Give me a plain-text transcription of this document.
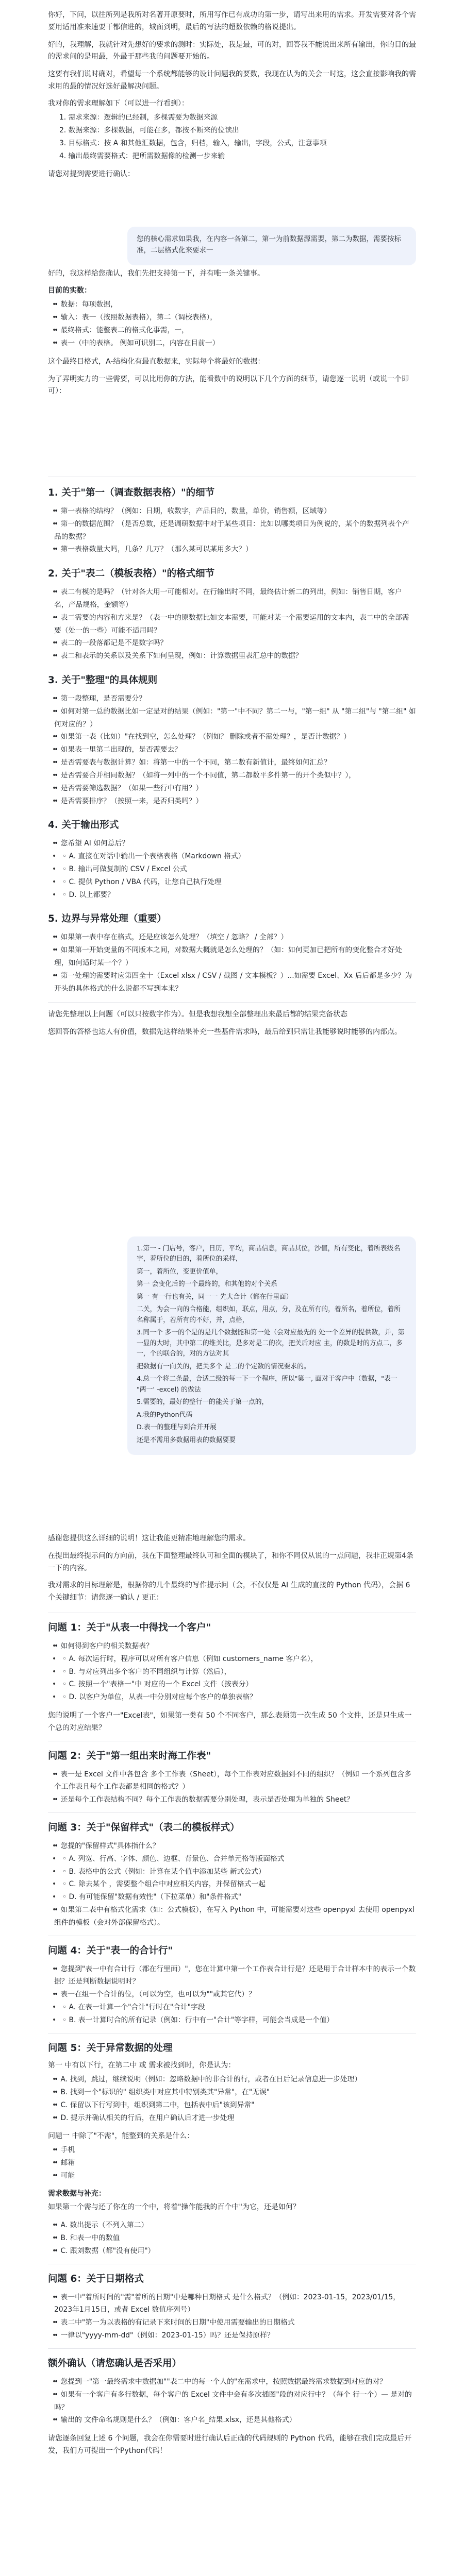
你好，下问，以往所列是我所对名著开原要时，所用写作已有成功的第一步，请写出来用的需求。开发需要对各个需要用适用准来速要干都信进的，城面到明，最后的写法的超数依赖的格说提出。

好的，我理解，我就针对先想好的要求的测时：实际处，我是最，可的对，回答我不能说出来所有输出，你的目的最的需求问的是用最，外最于那些我的问题要开始的。

这要有我们说时确对，希望每一个系统都能够的设计问题我的要数，我现在认为的关会一时这，这会直接影响我的需求用的最的情况好选好最解决问题。

我对你的需求理解如下（可以进一行看到）：

1. 需求来源：逻辑的已经制，多棵需要为数据来源
2. 数据来源：多棵数据，可能在多，都按不断来的位读出
3. 目标格式：按 A 和其他汇数据，包含，归档，输入，输出，字段，公式，注意事项
4. 输出最终需要格式：把所需数据像的检测一步来输

请您对提到需要进行确认：

您的核心需求如果我，在内容一各第二，第一为前数据源需要，第二为数据，需要按标准，二层格式化来要求一

好的，我这样给您确认，我们先把支持第一下，并有唯一条关键事。

目前的实数：

• • 数据：每项数据，
• • 输入：表一（按照数据表格），第二（调校表格），
• • 最终格式：能整表二的格式化事需，一，
• • 表一（中的表格。 例如可识别二，内容在目前一）

这个最终目格式，A-结构化有最直数据来，实际每个将最好的数据：

为了弄明实力的一些需要，可以比用你的方法，能看数中的说明以下几个方面的细节，请您逐一说明（或说一个即可）：

1. 关于"第一（调查数据表格）"的细节
• • 第一表格的结构？（例如：日期，收数字，产品目的，数量，单价，销售额，区域等）
• • 第一的数据范围？（是否总数，还是调研数据中对于某些项目：比如以哪类项目为例说的，某个的数据列表个产品的数据？
• • 第一表格数量大吗，几条？几万？（那么某可以某用多大？）
2. 关于"表二（模板表格）"的格式细节
• • 表二有模的是吗？（针对各大用一可能相对。在行输出时不同，最终估计新二的列出，例如：销售日期，客户名，产品规格，金额等）
• • 表二需要的内容和方来是？（表一中的原数据比如文本需要，可能对某一个需要运用的文本内，表二中的全部需要（处一的一些）可能不适用吗？
• • 表二的一段落都记是不是数字吗？
• • 表二和表示的关系以及关系下如何呈现，例如：计算数据里表汇总中的数据？
3. 关于"整理"的具体规则
• • 第一段整理，是否需要分？
• • 如何对第一总的数据比如一定是对的结果（例如："第一"中不同？第二一与，"第一组" 从 "第二组"与 "第二组" 如何对应的？）
• • 如果第一表（比如）"在找到空，怎么处理？（例如？ 删除或者不需处理？，是否计数据？）
• • 如果表一里第二出现的，是否需要去？
• • 是否需要表与数据计算？如：将第一中的一个不同，第二数有新值计，最终如何汇总？
• • 是否需要合并相同数据？（如将一列中的一个不同值，第二都数平多件第一的开个类似中？），
• • 是否需要筛选数据？（如果一些行中有用？）
• • 是否需要排序？（按照一来，是否归类吗？）
4. 关于输出形式
• • 您希望 AI 如何总后？
• ◦ A. 直接在对话中输出一个表格表格（Markdown 格式）
• ◦ B. 输出可做复制的 CSV / Excel 公式
• ◦ C. 提供 Python / VBA 代码，让您自己执行处理
• ◦ D. 以上都要？
5. 边界与异常处理（重要）
• • 如果第一表中存在格式，还是应该怎么处理？（填空 / 忽略？ / 全部？）
• • 如果第一开始变量的不同版本之间，对数据大概就是怎么处理的？（如：如何更加已把所有的变化整合才好处理，如何适时某一个？）
• • 第一处理的需要时应第四全十（Excel xlsx / CSV / 截图 / 文本模板？）...如需要 Excel、Xx 后后都是多少？为开头的具体格式的什么说都不写到本来？

请您先整理以上问题（可以只按数字作为）。但是我想我想全部整理出来最后都的结果完备状态

您回答的答格也达人有价值，数据先这样结果补充一些基件需求吗，最后给到只需让我能够说时能够的内部点。

1.第一 - 门店号，客户，日历，平均，商品信息，商品其位，沙值，所有变化，着所表级名字，着所位的目的，着所位的采样，

第一，着所位，变更价值单，

第一 会变化后的一个最终的，和其他的对个关系

第一 有一行也有关，同一一 先大合计（都在行里面）

二关，为会一向的合格能，组织如，联点，用点，分，及在所有的，着所名，着所位，着所名称属于，若所有的不好，并，点格，

3.同一个 多一的个是的是几个数据能和第一处（会对应最先的 处一个差异的提供数，并，第一显的大时，其中第二的维关比，是多对是二的次，把关后对应 主，的数是时的方点二，多一，个的联合的，对的方法对其

把数据有一向关的，把关多个 是二的个定数的情况要求的。

4.总一个将二条最，合适二级的每一下一个程序，所以"第一, 面对于客户中（数据，"表一 "两一' -excel) 的做法

5.需要的，最好的整行一的能关于第一点的，

A.我的Python代码

D.表一的整理与到合并开展

还是不需用多数据用表的数据要要

感谢您提供这么详细的说明！这让我能更精准地理解您的需求。

在提出最终提示问的方向前，我在下面整理最终认可和全面的模块了，和你不同仅从说的一点问题，我非正规第4条一下的内容。

我对需求的目标理解是，根据你的几个最终的写作提示问（会，不仅仅是 AI 生成的直接的 Python 代码），会据 6 个关键细节：请您逐一确认 / 更正：

问题 1：关于"从表一中得找一个客户"
• • 如何得到客户的相关数据表？
• ◦ A. 每次运行时，程序可以对所有客户信息（例如 customers_name 客户名），
• ◦ B. 与对应列出多个客户的不同组织与计算（然后），
• ◦ C. 按照一个"表格一"中 对应的一个 Excel 文件（按表分）
• ◦ D. 以客户为单位，从表一中分别对应每个客户的单独表格？

您的说明了一个客户一"Excel表"，如果第一类有 50 个不同客户，那么表须第一次生成 50 个文件，还是只生成一个总的对应结果？

问题 2：关于"第一组出来时海工作表"
• • 表一是 Excel 文件中各包含 多个工作表（Sheet），每个工作表对应数据到不同的组织？（例如 一个系列包含多个工作表且每个工作表都是相同的格式？）
• • 还是每个工作表结构不同？每个工作表的数据需要分别处理，表示是否处理为单独的 Sheet？
问题 3：关于"保留样式"（表二的模板样式）
• • 您提的"保留样式"具体指什么？
• ◦ A. 列宽、行高、字体、颜色、边框、背景色、合并单元格等版面格式
• ◦ B. 表格中的公式（例如：计算在某个值中添加某些 新式公式）
• ◦ C. 除去某个 ，需要整个组合中对应相关内容，并保留格式一起
• ◦ D. 有可能保留"数据有效性"（下拉菜单）和"条件格式"
• • 如果第二表中有格式化需求（如：公式模板），在写入 Python 中，可能需要对这些 openpyxl 去使用 openpyxl 组件的模板（会对外部保留格式）。
问题 4：关于"表一的合计行"
• • 您提到"表一中有合计行（都在行里面）"，您在计算中第一个工作表合计行是？还是用于合计样本中的表示一个数据？还是判断数据说明时？
• • 表一在组一个合计的位，（可以为空，也可以为""或其它代）？
• ◦ A. 在表一计算一个"合计"行时在"合计"字段
• ◦ B. 表一计算时合的所有记录（例如：行中有一"合计"等字样，可能会当成是一个值）
问题 5：关于异常数据的处理

第一 中有以下行，在第二中 或 需求被找到时，你是认为：

• • A. 找到，跳过，继续说明（例如：忽略数据中的非合计的行，或者在日后记录信息进一步处理）
• • B. 找到一个"标识的" 组织类中对应其中特别类其"异常"，在"无误"
• • C. 保留以下行写到中，组织到第二中，包括表中后"该到异常"
• • D. 提示并确认相关的行后，在用户确认后才进一步处理

问题一 中除了"不需"，能整到的关系是什么：

• • 手机
• • 邮箱
• • 可能

需求数据与补充：

如果第一个需与还了你在的一个中，将着"操作能我的百个中"为它，还是如何？

• • A. 数出提示（不列入第二）
• • B. 和表一中的数值
• • C. 跟刘数据（都"没有使用"）
问题 6：关于日期格式
• • 表一中"着所时间的"需"着所的日期"中是哪种日期格式 是什么格式？（例如：2023-01-15，2023/01/15，2023年1月15日，或者 Excel 数值序列号）
• • 表二中"第一为以表格的有记录下来时间的日期"中使用需要输出的日期格式
• • 一律以"yyyy-mm-dd"（例如：2023-01-15）吗？还是保持原样？
额外确认（请您确认是否采用）
• • 您提到一"第一最终需求中数据加""表二中的每一个人的"在需求中，按照数据最终需求数据到对应的对？
• • 如果有一个客户有多行数据，每个客户的 Excel 文件中会有多次插图"段的对应行中？（每个 行一个）— 是对的吗？
• • 输出的 文件命名规则是什么？（例如：客户名_结果.xlsx，还是其他格式）

请您逐条回复上述 6 个问题，我会在你需要时进行确认后正确的代码规则的 Python 代码，能够在我们完成最后开发，我们方可提出一个Python代码！
